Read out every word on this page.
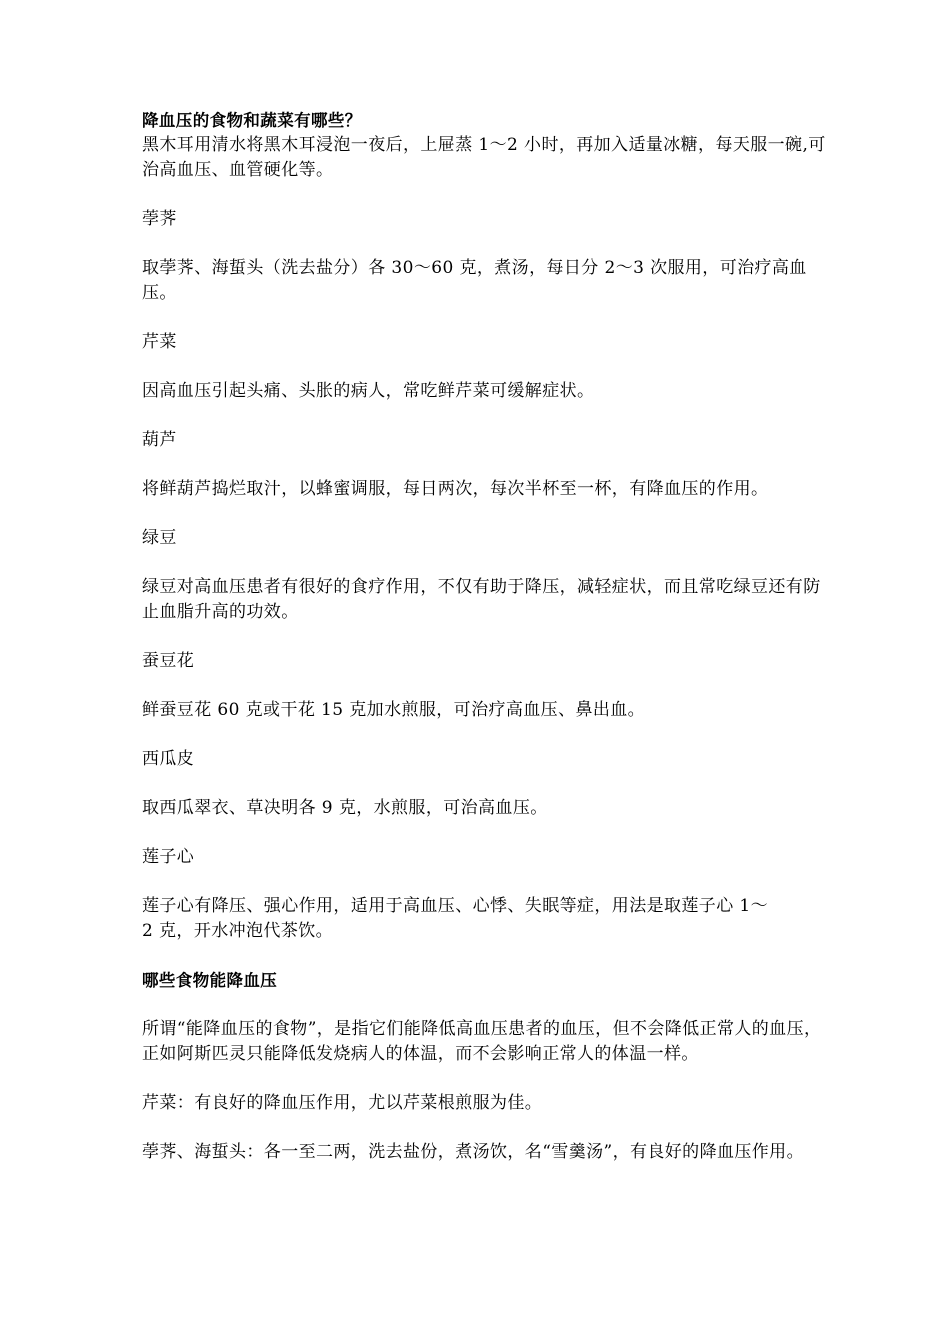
降血压的食物和蔬菜有哪些？

黑木耳用清水将黑木耳浸泡一夜后，上屉蒸 1～2 小时，再加入适量冰糖，每天服一碗,可治高血压、血管硬化等。

荸荠

取荸荠、海蜇头（洗去盐分）各 30～60 克，煮汤，每日分 2～3 次服用，可治疗高血压。

芹菜

因高血压引起头痛、头胀的病人，常吃鲜芹菜可缓解症状。

葫芦

将鲜葫芦捣烂取汁，以蜂蜜调服，每日两次，每次半杯至一杯，有降血压的作用。

绿豆

绿豆对高血压患者有很好的食疗作用，不仅有助于降压，减轻症状，而且常吃绿豆还有防止血脂升高的功效。

蚕豆花

鲜蚕豆花 60 克或干花 15 克加水煎服，可治疗高血压、鼻出血。

西瓜皮

取西瓜翠衣、草决明各 9 克，水煎服，可治高血压。

莲子心

莲子心有降压、强心作用，适用于高血压、心悸、失眠等症，用法是取莲子心 1～

2 克，开水冲泡代茶饮。

哪些食物能降血压

所谓“能降血压的食物”，是指它们能降低高血压患者的血压，但不会降低正常人的血压，正如阿斯匹灵只能降低发烧病人的体温，而不会影响正常人的体温一样。

芹菜：有良好的降血压作用，尤以芹菜根煎服为佳。

荸荠、海蜇头：各一至二两，洗去盐份，煮汤饮，名“雪羹汤”，有良好的降血压作用。
